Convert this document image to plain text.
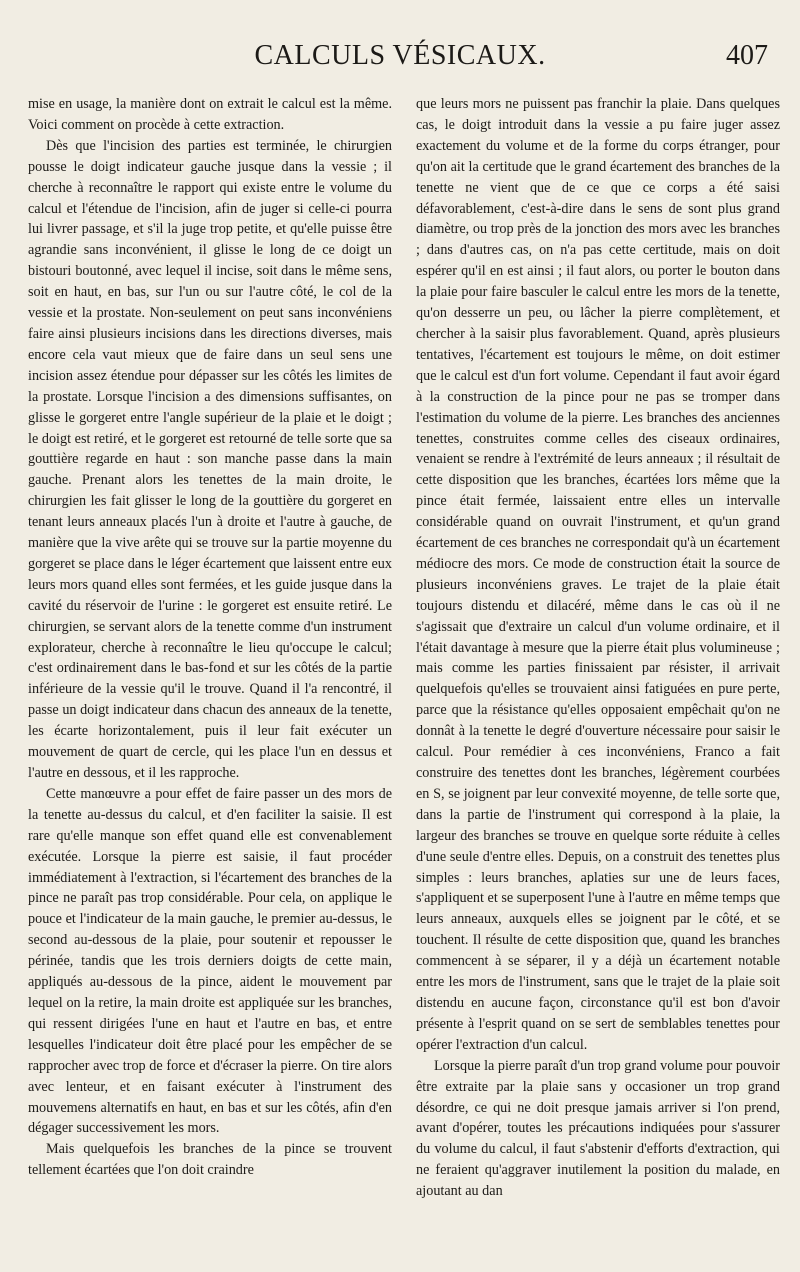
CALCULS VÉSICAUX.	407

mise en usage, la manière dont on extrait le calcul est la même. Voici comment on procède à cette extraction.

Dès que l'incision des parties est terminée, le chirurgien pousse le doigt indicateur gauche jusque dans la vessie ; il cherche à reconnaître le rapport qui existe entre le volume du calcul et l'étendue de l'incision, afin de juger si celle-ci pourra lui livrer passage, et s'il la juge trop petite, et qu'elle puisse être agrandie sans inconvénient, il glisse le long de ce doigt un bistouri boutonné, avec lequel il incise, soit dans le même sens, soit en haut, en bas, sur l'un ou sur l'autre côté, le col de la vessie et la prostate. Non-seulement on peut sans inconvéniens faire ainsi plusieurs incisions dans les directions diverses, mais encore cela vaut mieux que de faire dans un seul sens une incision assez étendue pour dépasser sur les côtés les limites de la prostate. Lorsque l'incision a des dimensions suffisantes, on glisse le gorgeret entre l'angle supérieur de la plaie et le doigt ; le doigt est retiré, et le gorgeret est retourné de telle sorte que sa gouttière regarde en haut : son manche passe dans la main gauche. Prenant alors les tenettes de la main droite, le chirurgien les fait glisser le long de la gouttière du gorgeret en tenant leurs anneaux placés l'un à droite et l'autre à gauche, de manière que la vive arête qui se trouve sur la partie moyenne du gorgeret se place dans le léger écartement que laissent entre eux leurs mors quand elles sont fermées, et les guide jusque dans la cavité du réservoir de l'urine : le gorgeret est ensuite retiré. Le chirurgien, se servant alors de la tenette comme d'un instrument explorateur, cherche à reconnaître le lieu qu'occupe le calcul; c'est ordinairement dans le bas-fond et sur les côtés de la partie inférieure de la vessie qu'il le trouve. Quand il l'a rencontré, il passe un doigt indicateur dans chacun des anneaux de la tenette, les écarte horizontalement, puis il leur fait exécuter un mouvement de quart de cercle, qui les place l'un en dessus et l'autre en dessous, et il les rapproche.

Cette manœuvre a pour effet de faire passer un des mors de la tenette au-dessus du calcul, et d'en faciliter la saisie. Il est rare qu'elle manque son effet quand elle est convenablement exécutée. Lorsque la pierre est saisie, il faut procéder immédiatement à l'extraction, si l'écartement des branches de la pince ne paraît pas trop considérable. Pour cela, on applique le pouce et l'indicateur de la main gauche, le premier au-dessus, le second au-dessous de la plaie, pour soutenir et repousser le périnée, tandis que les trois derniers doigts de cette main, appliqués au-dessous de la pince, aident le mouvement par lequel on la retire, la main droite est appliquée sur les branches, qui ressent dirigées l'une en haut et l'autre en bas, et entre lesquelles l'indicateur doit être placé pour les empêcher de se rapprocher avec trop de force et d'écraser la pierre. On tire alors avec lenteur, et en faisant exécuter à l'instrument des mouvemens alternatifs en haut, en bas et sur les côtés, afin d'en dégager successivement les mors.

Mais quelquefois les branches de la pince se trouvent tellement écartées que l'on doit craindre

que leurs mors ne puissent pas franchir la plaie. Dans quelques cas, le doigt introduit dans la vessie a pu faire juger assez exactement du volume et de la forme du corps étranger, pour qu'on ait la certitude que le grand écartement des branches de la tenette ne vient que de ce que ce corps a été saisi défavorablement, c'est-à-dire dans le sens de sont plus grand diamètre, ou trop près de la jonction des mors avec les branches ; dans d'autres cas, on n'a pas cette certitude, mais on doit espérer qu'il en est ainsi ; il faut alors, ou porter le bouton dans la plaie pour faire basculer le calcul entre les mors de la tenette, qu'on desserre un peu, ou lâcher la pierre complètement, et chercher à la saisir plus favorablement. Quand, après plusieurs tentatives, l'écartement est toujours le même, on doit estimer que le calcul est d'un fort volume. Cependant il faut avoir égard à la construction de la pince pour ne pas se tromper dans l'estimation du volume de la pierre. Les branches des anciennes tenettes, construites comme celles des ciseaux ordinaires, venaient se rendre à l'extrémité de leurs anneaux ; il résultait de cette disposition que les branches, écartées lors même que la pince était fermée, laissaient entre elles un intervalle considérable quand on ouvrait l'instrument, et qu'un grand écartement de ces branches ne correspondait qu'à un écartement médiocre des mors. Ce mode de construction était la source de plusieurs inconvéniens graves. Le trajet de la plaie était toujours distendu et dilacéré, même dans le cas où il ne s'agissait que d'extraire un calcul d'un volume ordinaire, et il l'était davantage à mesure que la pierre était plus volumineuse ; mais comme les parties finissaient par résister, il arrivait quelquefois qu'elles se trouvaient ainsi fatiguées en pure perte, parce que la résistance qu'elles opposaient empêchait qu'on ne donnât à la tenette le degré d'ouverture nécessaire pour saisir le calcul. Pour remédier à ces inconvéniens, Franco a fait construire des tenettes dont les branches, légèrement courbées en S, se joignent par leur convexité moyenne, de telle sorte que, dans la partie de l'instrument qui correspond à la plaie, la largeur des branches se trouve en quelque sorte réduite à celles d'une seule d'entre elles. Depuis, on a construit des tenettes plus simples : leurs branches, aplaties sur une de leurs faces, s'appliquent et se superposent l'une à l'autre en même temps que leurs anneaux, auxquels elles se joignent par le côté, et se touchent. Il résulte de cette disposition que, quand les branches commencent à se séparer, il y a déjà un écartement notable entre les mors de l'instrument, sans que le trajet de la plaie soit distendu en aucune façon, circonstance qu'il est bon d'avoir présente à l'esprit quand on se sert de semblables tenettes pour opérer l'extraction d'un calcul.

Lorsque la pierre paraît d'un trop grand volume pour pouvoir être extraite par la plaie sans y occasioner un trop grand désordre, ce qui ne doit presque jamais arriver si l'on prend, avant d'opérer, toutes les précautions indiquées pour s'assurer du volume du calcul, il faut s'abstenir d'efforts d'extraction, qui ne feraient qu'aggraver inutilement la position du malade, en ajoutant au dan
